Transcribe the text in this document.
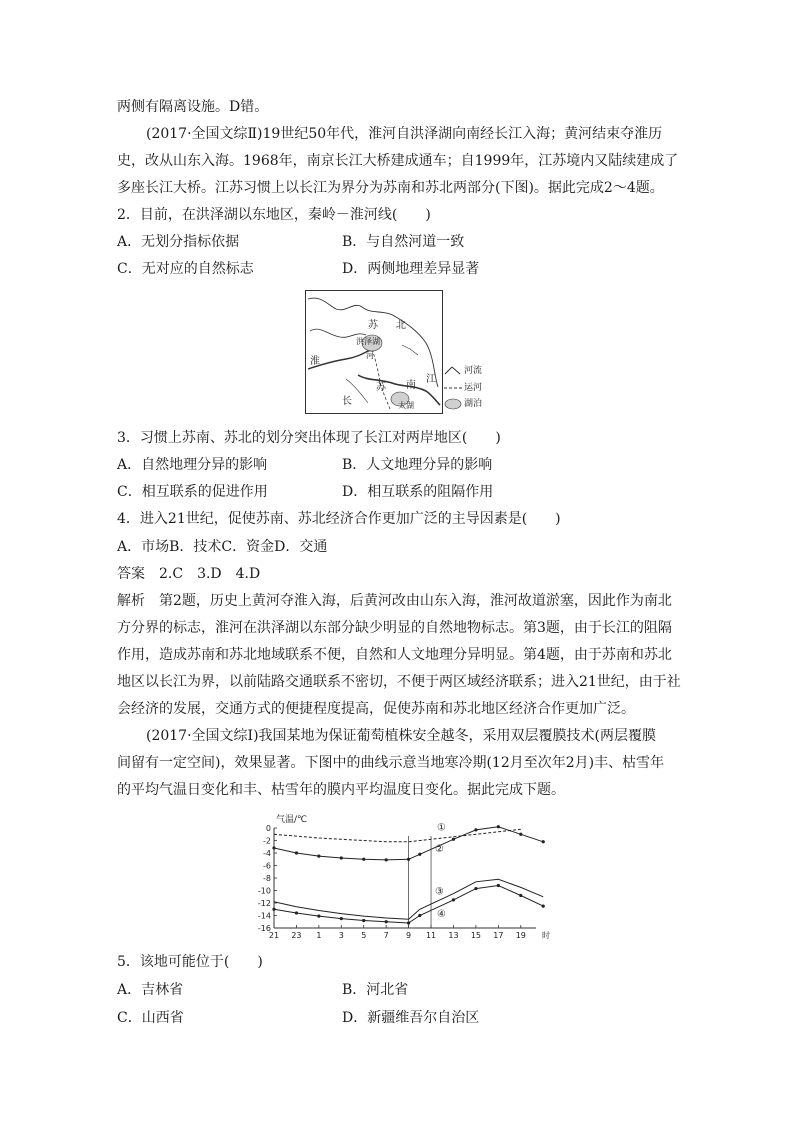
两侧有隔离设施。D错。
(2017·全国文综Ⅱ)19世纪50年代，淮河自洪泽湖向南经长江入海；黄河结束夺淮历
史，改从山东入海。1968年，南京长江大桥建成通车；自1999年，江苏境内又陆续建成了
多座长江大桥。江苏习惯上以长江为界分为苏南和苏北两部分(下图)。据此完成2～4题。
2．目前，在洪泽湖以东地区，秦岭－淮河线(　　)
A．无划分指标依据	B．与自然河道一致
C．无对应的自然标志	D．两侧地理差异显著
苏 北
洪泽湖
河
淮
苏 南
长	太湖
江
河流
运河
湖泊
3．习惯上苏南、苏北的划分突出体现了长江对两岸地区(　　)
A．自然地理分异的影响	B．人文地理分异的影响
C．相互联系的促进作用	D．相互联系的阻隔作用
4．进入21世纪，促使苏南、苏北经济合作更加广泛的主导因素是(　　)
A．市场B．技术C．资金D．交通
答案　2.C　3.D　4.D
解析　第2题，历史上黄河夺淮入海，后黄河改由山东入海，淮河故道淤塞，因此作为南北
方分界的标志，淮河在洪泽湖以东部分缺少明显的自然地物标志。第3题，由于长江的阻隔
作用，造成苏南和苏北地域联系不便，自然和人文地理分异明显。第4题，由于苏南和苏北
地区以长江为界，以前陆路交通联系不密切，不便于两区域经济联系；进入21世纪，由于社
会经济的发展，交通方式的便捷程度提高，促使苏南和苏北地区经济合作更加广泛。
(2017·全国文综Ⅰ)我国某地为保证葡萄植株安全越冬，采用双层覆膜技术(两层覆膜
间留有一定空间)，效果显著。下图中的曲线示意当地寒冷期(12月至次年2月)丰、枯雪年
的平均气温日变化和丰、枯雪年的膜内平均温度日变化。据此完成下题。
气温/℃
0
-2
-4
-6
-8
-10
-12
-14
-16
21 23 1 3 5 7 9 11 13 15 17 19 时
①
②
③
④
5．该地可能位于(　　)
A．吉林省	B．河北省
C．山西省	D．新疆维吾尔自治区
